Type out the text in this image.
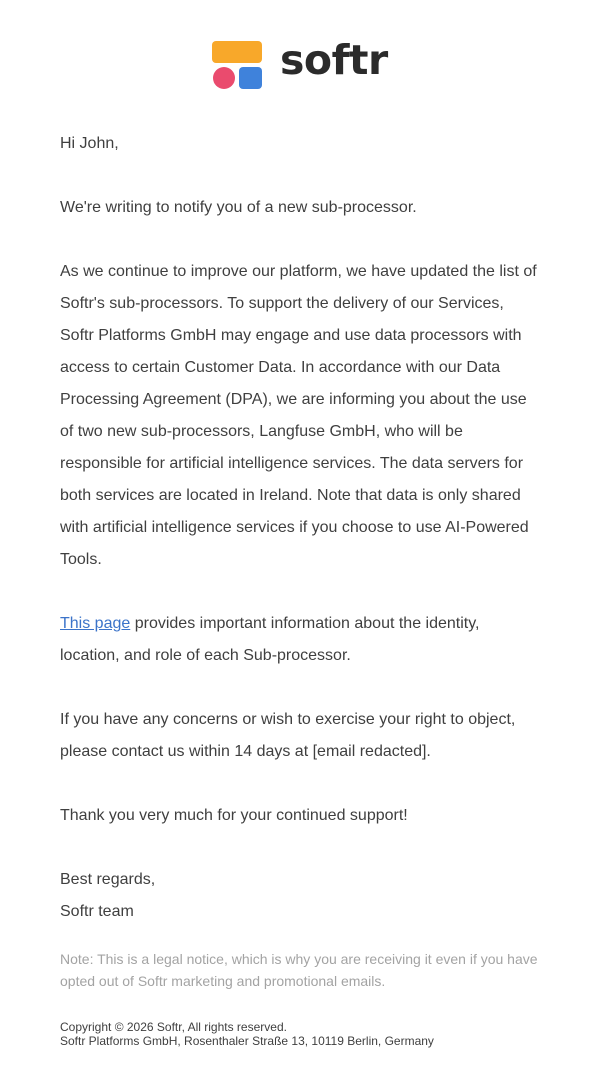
softr

Hi John,

We're writing to notify you of a new sub-processor.

As we continue to improve our platform, we have updated the list of Softr's sub-processors. To support the delivery of our Services, Softr Platforms GmbH may engage and use data processors with access to certain Customer Data. In accordance with our Data Processing Agreement (DPA), we are informing you about the use of two new sub-processors, Langfuse GmbH, who will be responsible for artificial intelligence services. The data servers for both services are located in Ireland. Note that data is only shared with artificial intelligence services if you choose to use AI-Powered Tools.

This page provides important information about the identity, location, and role of each Sub-processor.

If you have any concerns or wish to exercise your right to object, please contact us within 14 days at [email redacted].

Thank you very much for your continued support!

Best regards,

Softr team

Note: This is a legal notice, which is why you are receiving it even if you have opted out of Softr marketing and promotional emails.
Copyright © 2026 Softr, All rights reserved.
Softr Platforms GmbH, Rosenthaler Straße 13, 10119 Berlin, Germany
